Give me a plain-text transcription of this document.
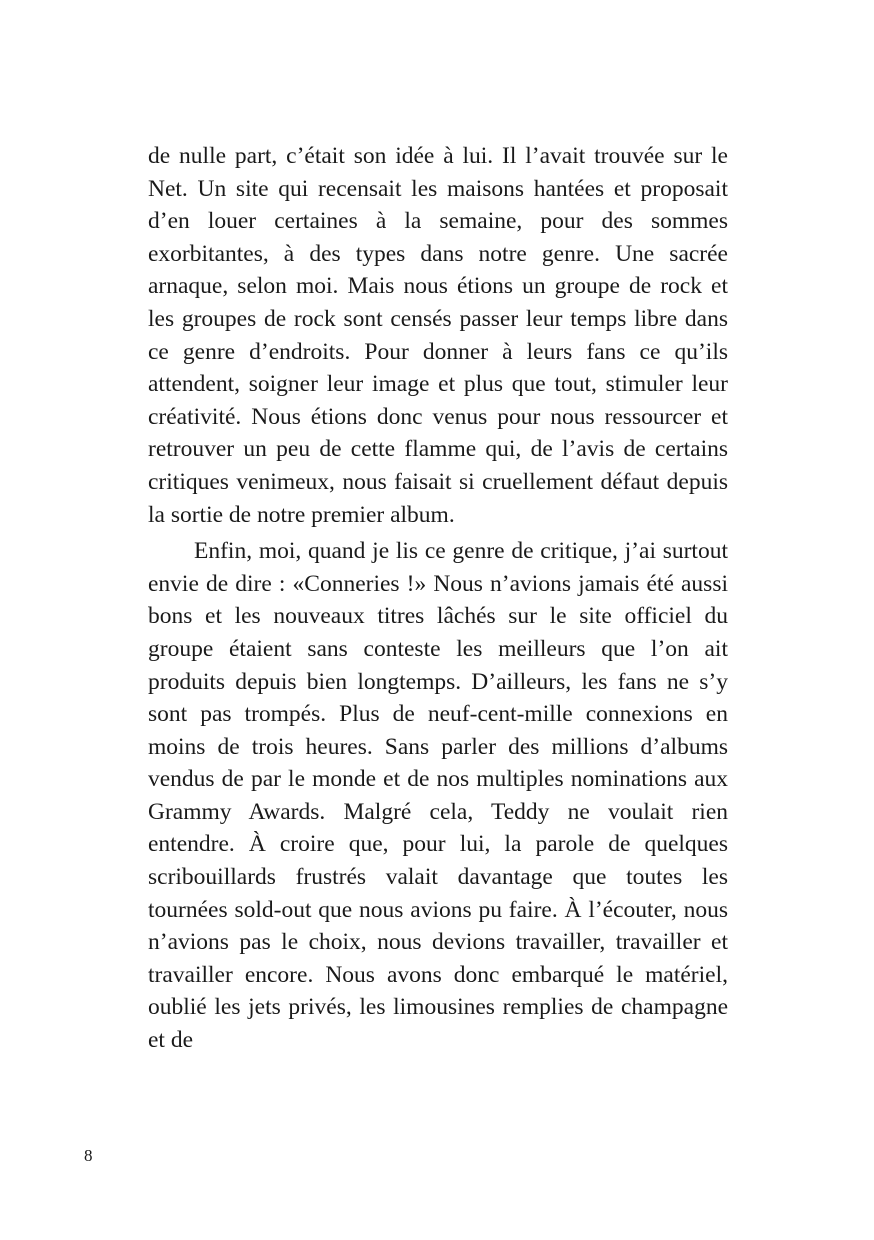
de nulle part, c’était son idée à lui. Il l’avait trouvée sur le Net. Un site qui recensait les maisons hantées et proposait d’en louer certaines à la semaine, pour des sommes exorbitantes, à des types dans notre genre. Une sacrée arnaque, selon moi. Mais nous étions un groupe de rock et les groupes de rock sont censés passer leur temps libre dans ce genre d’endroits. Pour donner à leurs fans ce qu’ils attendent, soigner leur image et plus que tout, stimuler leur créativité. Nous étions donc venus pour nous ressourcer et retrouver un peu de cette flamme qui, de l’avis de certains critiques venimeux, nous faisait si cruellement défaut depuis la sortie de notre premier album.

Enfin, moi, quand je lis ce genre de critique, j’ai surtout envie de dire : «Conneries !» Nous n’avions jamais été aussi bons et les nouveaux titres lâchés sur le site officiel du groupe étaient sans conteste les meilleurs que l’on ait produits depuis bien longtemps. D’ailleurs, les fans ne s’y sont pas trompés. Plus de neuf-cent-mille connexions en moins de trois heures. Sans parler des millions d’albums vendus de par le monde et de nos multiples nominations aux Grammy Awards. Malgré cela, Teddy ne voulait rien entendre. À croire que, pour lui, la parole de quelques scribouillards frustrés valait davantage que toutes les tournées sold-out que nous avions pu faire. À l’écouter, nous n’avions pas le choix, nous devions travailler, travailler et travailler encore. Nous avons donc embarqué le matériel, oublié les jets privés, les limousines remplies de champagne et de

8
